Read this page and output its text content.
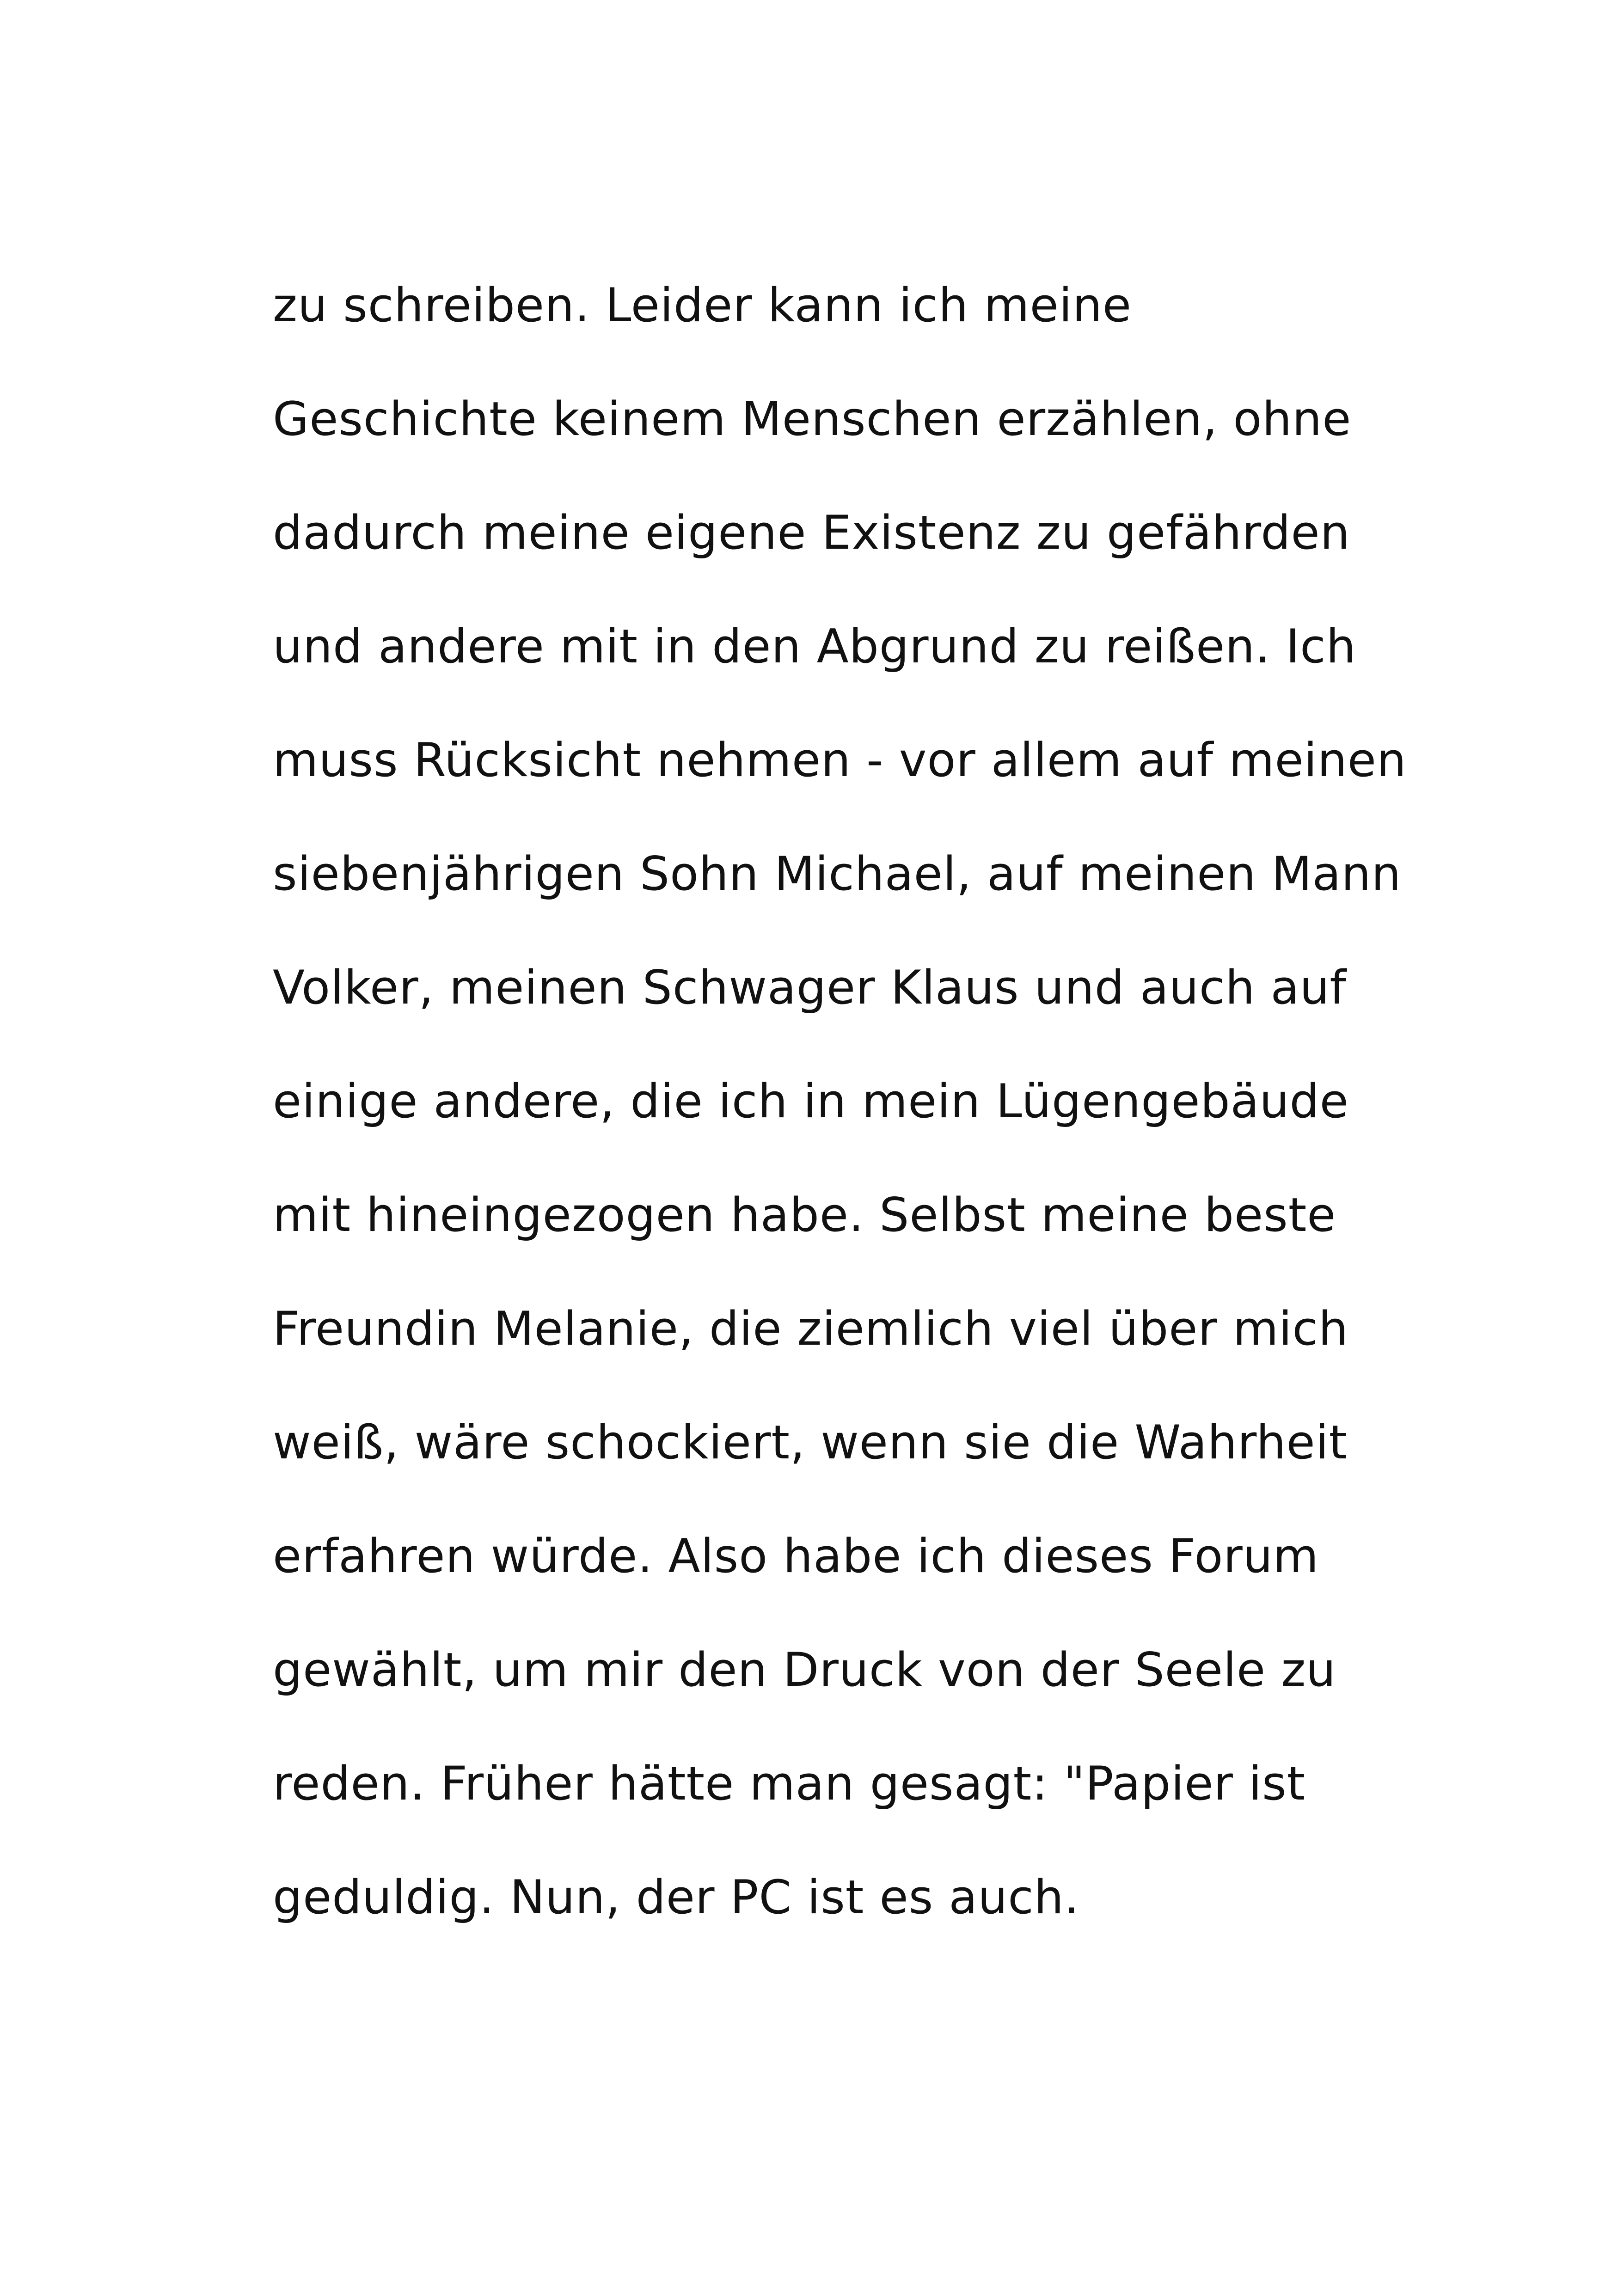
zu schreiben. Leider kann ich meine
Geschichte keinem Menschen erzählen, ohne
dadurch meine eigene Existenz zu gefährden
und andere mit in den Abgrund zu reißen. Ich
muss Rücksicht nehmen - vor allem auf meinen
siebenjährigen Sohn Michael, auf meinen Mann
Volker, meinen Schwager Klaus und auch auf
einige andere, die ich in mein Lügengebäude
mit hineingezogen habe. Selbst meine beste
Freundin Melanie, die ziemlich viel über mich
weiß, wäre schockiert, wenn sie die Wahrheit
erfahren würde. Also habe ich dieses Forum
gewählt, um mir den Druck von der Seele zu
reden. Früher hätte man gesagt: "Papier ist
geduldig. Nun, der PC ist es auch.
